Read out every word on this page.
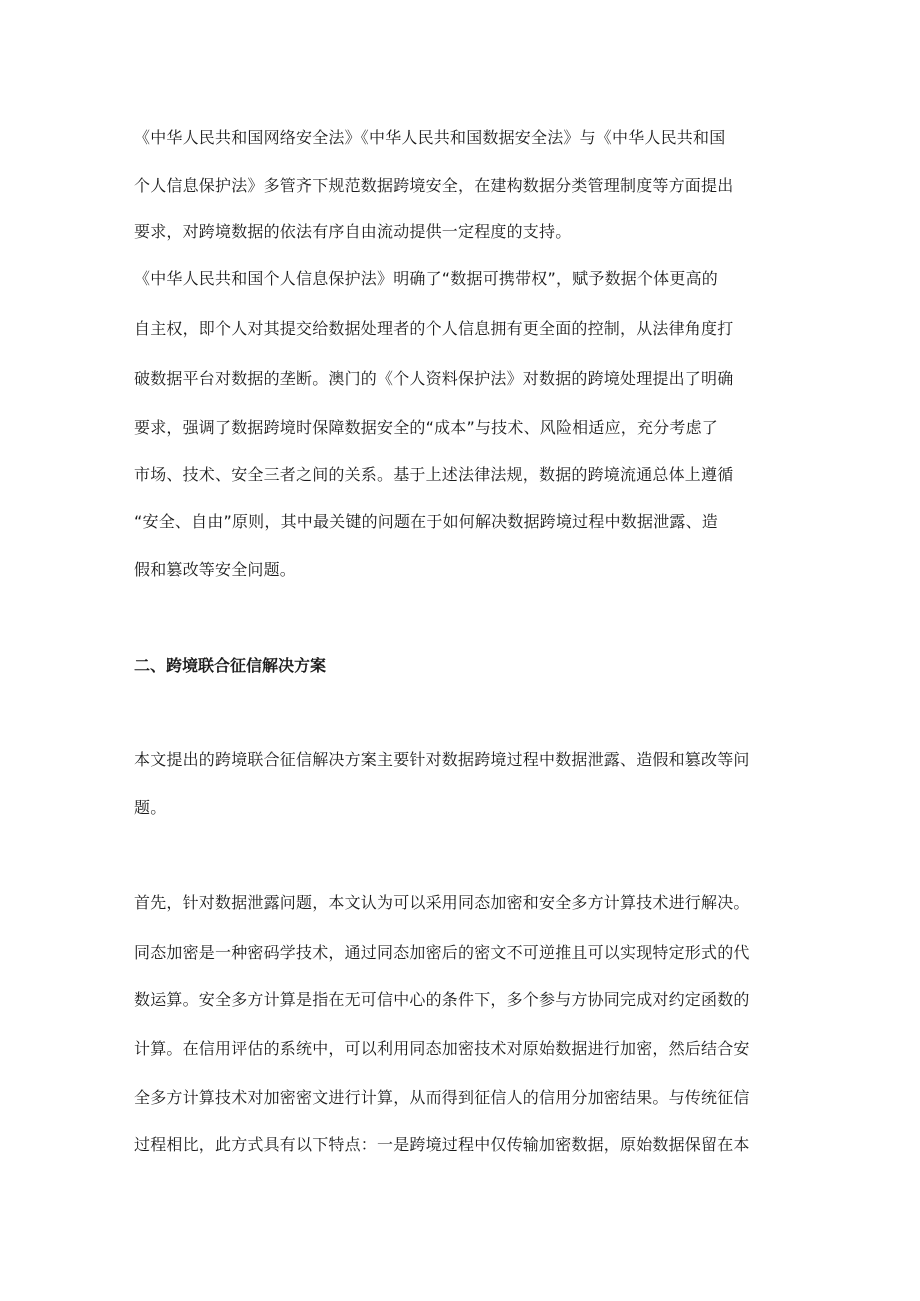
《中华人民共和国网络安全法》《中华人民共和国数据安全法》与《中华人民共和国
个人信息保护法》多管齐下规范数据跨境安全，在建构数据分类管理制度等方面提出
要求，对跨境数据的依法有序自由流动提供一定程度的支持。
《中华人民共和国个人信息保护法》明确了“数据可携带权”，赋予数据个体更高的
自主权，即个人对其提交给数据处理者的个人信息拥有更全面的控制，从法律角度打
破数据平台对数据的垄断。澳门的《个人资料保护法》对数据的跨境处理提出了明确
要求，强调了数据跨境时保障数据安全的“成本”与技术、风险相适应，充分考虑了
市场、技术、安全三者之间的关系。基于上述法律法规，数据的跨境流通总体上遵循
“安全、自由”原则，其中最关键的问题在于如何解决数据跨境过程中数据泄露、造
假和篡改等安全问题。
二、跨境联合征信解决方案
本文提出的跨境联合征信解决方案主要针对数据跨境过程中数据泄露、造假和篡改等问
题。
首先，针对数据泄露问题，本文认为可以采用同态加密和安全多方计算技术进行解决。
同态加密是一种密码学技术，通过同态加密后的密文不可逆推且可以实现特定形式的代
数运算。安全多方计算是指在无可信中心的条件下，多个参与方协同完成对约定函数的
计算。在信用评估的系统中，可以利用同态加密技术对原始数据进行加密，然后结合安
全多方计算技术对加密密文进行计算，从而得到征信人的信用分加密结果。与传统征信
过程相比，此方式具有以下特点：一是跨境过程中仅传输加密数据，原始数据保留在本
